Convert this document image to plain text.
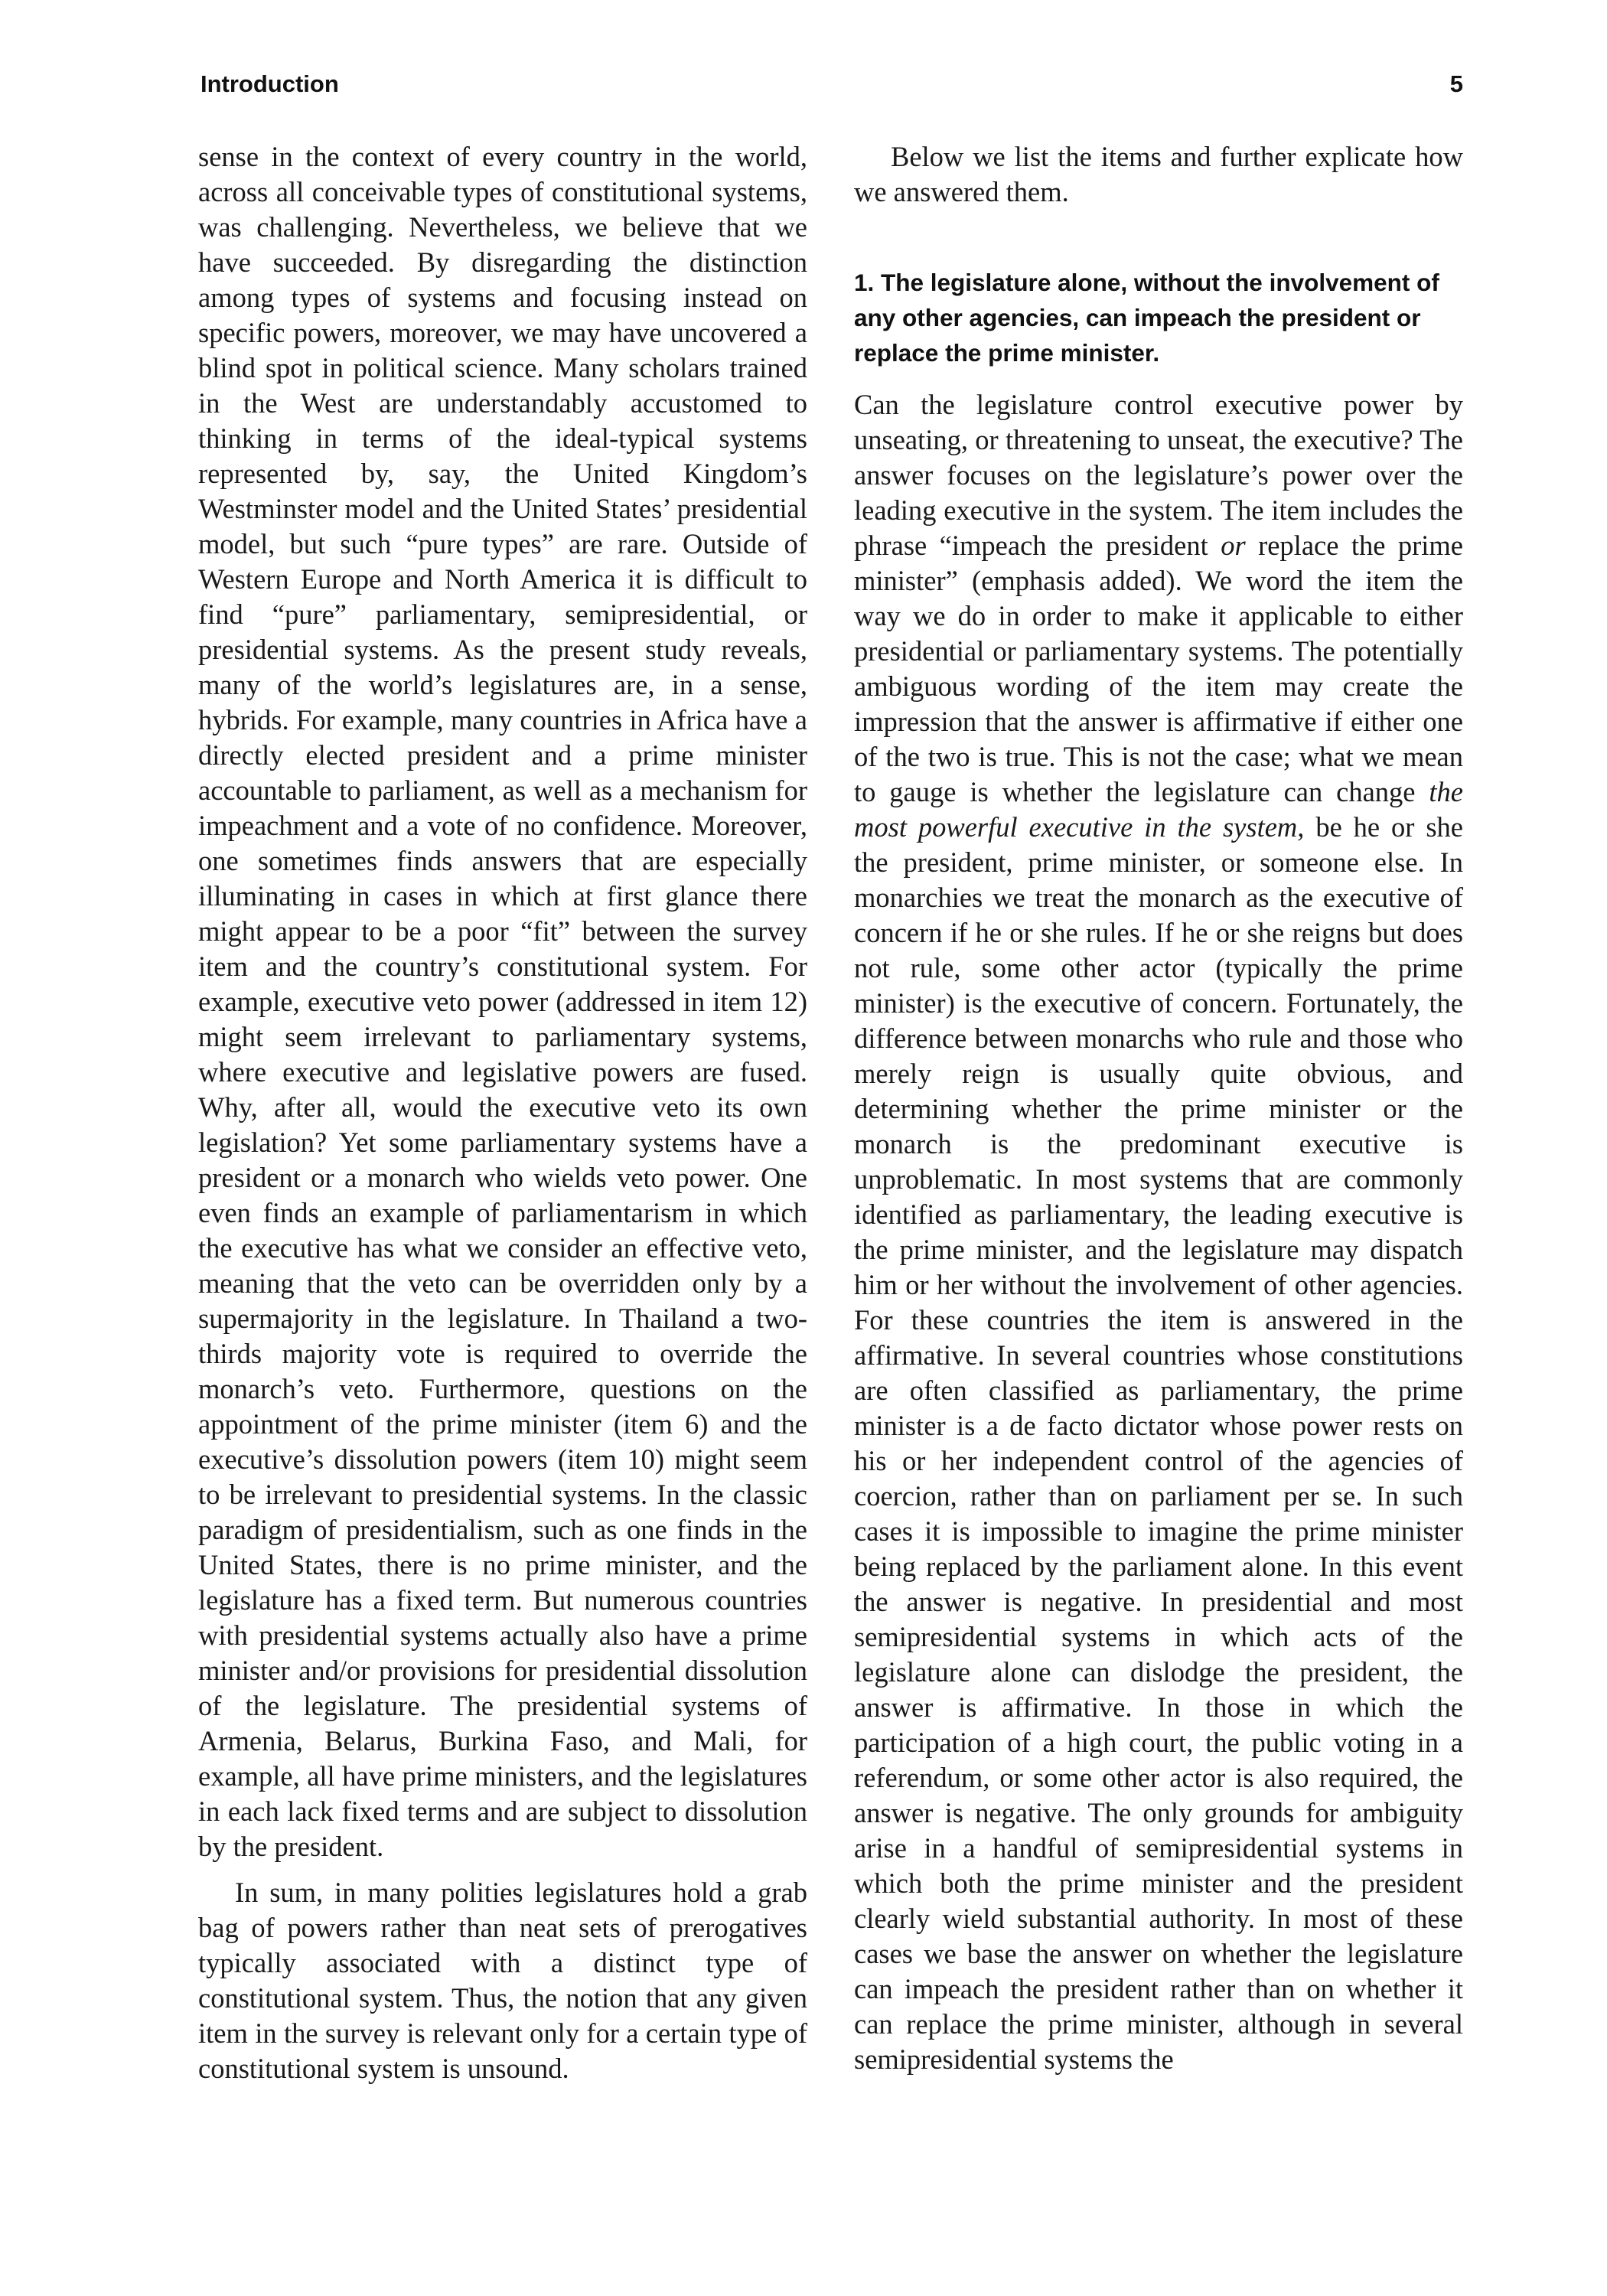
Introduction	5

sense in the context of every country in the world, across all conceivable types of constitutional systems, was challenging. Nevertheless, we believe that we have succeeded. By disregarding the distinction among types of systems and focusing instead on specific powers, moreover, we may have uncovered a blind spot in political science. Many scholars trained in the West are understandably accustomed to thinking in terms of the ideal-typical systems represented by, say, the United Kingdom’s Westminster model and the United States’ presidential model, but such “pure types” are rare. Outside of Western Europe and North America it is difficult to find “pure” parliamentary, semipresidential, or presidential systems. As the present study reveals, many of the world’s legislatures are, in a sense, hybrids. For example, many countries in Africa have a directly elected president and a prime minister accountable to parliament, as well as a mechanism for impeachment and a vote of no confidence. Moreover, one sometimes finds answers that are especially illuminating in cases in which at first glance there might appear to be a poor “fit” between the survey item and the country’s constitutional system. For example, executive veto power (addressed in item 12) might seem irrelevant to parliamentary systems, where executive and legislative powers are fused. Why, after all, would the executive veto its own legislation? Yet some parliamentary systems have a president or a monarch who wields veto power. One even finds an example of parliamentarism in which the executive has what we consider an effective veto, meaning that the veto can be overridden only by a supermajority in the legislature. In Thailand a two-thirds majority vote is required to override the monarch’s veto. Furthermore, questions on the appointment of the prime minister (item 6) and the executive’s dissolution powers (item 10) might seem to be irrelevant to presidential systems. In the classic paradigm of presidentialism, such as one finds in the United States, there is no prime minister, and the legislature has a fixed term. But numerous countries with presidential systems actually also have a prime minister and/or provisions for presidential dissolution of the legislature. The presidential systems of Armenia, Belarus, Burkina Faso, and Mali, for example, all have prime ministers, and the legislatures in each lack fixed terms and are subject to dissolution by the president.

In sum, in many polities legislatures hold a grab bag of powers rather than neat sets of prerogatives typically associated with a distinct type of constitutional system. Thus, the notion that any given item in the survey is relevant only for a certain type of constitutional system is unsound.

Below we list the items and further explicate how we answered them.

1. The legislature alone, without the involvement of any other agencies, can impeach the president or replace the prime minister.

Can the legislature control executive power by unseating, or threatening to unseat, the executive? The answer focuses on the legislature’s power over the leading executive in the system. The item includes the phrase “impeach the president or replace the prime minister” (emphasis added). We word the item the way we do in order to make it applicable to either presidential or parliamentary systems. The potentially ambiguous wording of the item may create the impression that the answer is affirmative if either one of the two is true. This is not the case; what we mean to gauge is whether the legislature can change the most powerful executive in the system, be he or she the president, prime minister, or someone else. In monarchies we treat the monarch as the executive of concern if he or she rules. If he or she reigns but does not rule, some other actor (typically the prime minister) is the executive of concern. Fortunately, the difference between monarchs who rule and those who merely reign is usually quite obvious, and determining whether the prime minister or the monarch is the predominant executive is unproblematic. In most systems that are commonly identified as parliamentary, the leading executive is the prime minister, and the legislature may dispatch him or her without the involvement of other agencies. For these countries the item is answered in the affirmative. In several countries whose constitutions are often classified as parliamentary, the prime minister is a de facto dictator whose power rests on his or her independent control of the agencies of coercion, rather than on parliament per se. In such cases it is impossible to imagine the prime minister being replaced by the parliament alone. In this event the answer is negative. In presidential and most semipresidential systems in which acts of the legislature alone can dislodge the president, the answer is affirmative. In those in which the participation of a high court, the public voting in a referendum, or some other actor is also required, the answer is negative. The only grounds for ambiguity arise in a handful of semipresidential systems in which both the prime minister and the president clearly wield substantial authority. In most of these cases we base the answer on whether the legislature can impeach the president rather than on whether it can replace the prime minister, although in several semipresidential systems the
